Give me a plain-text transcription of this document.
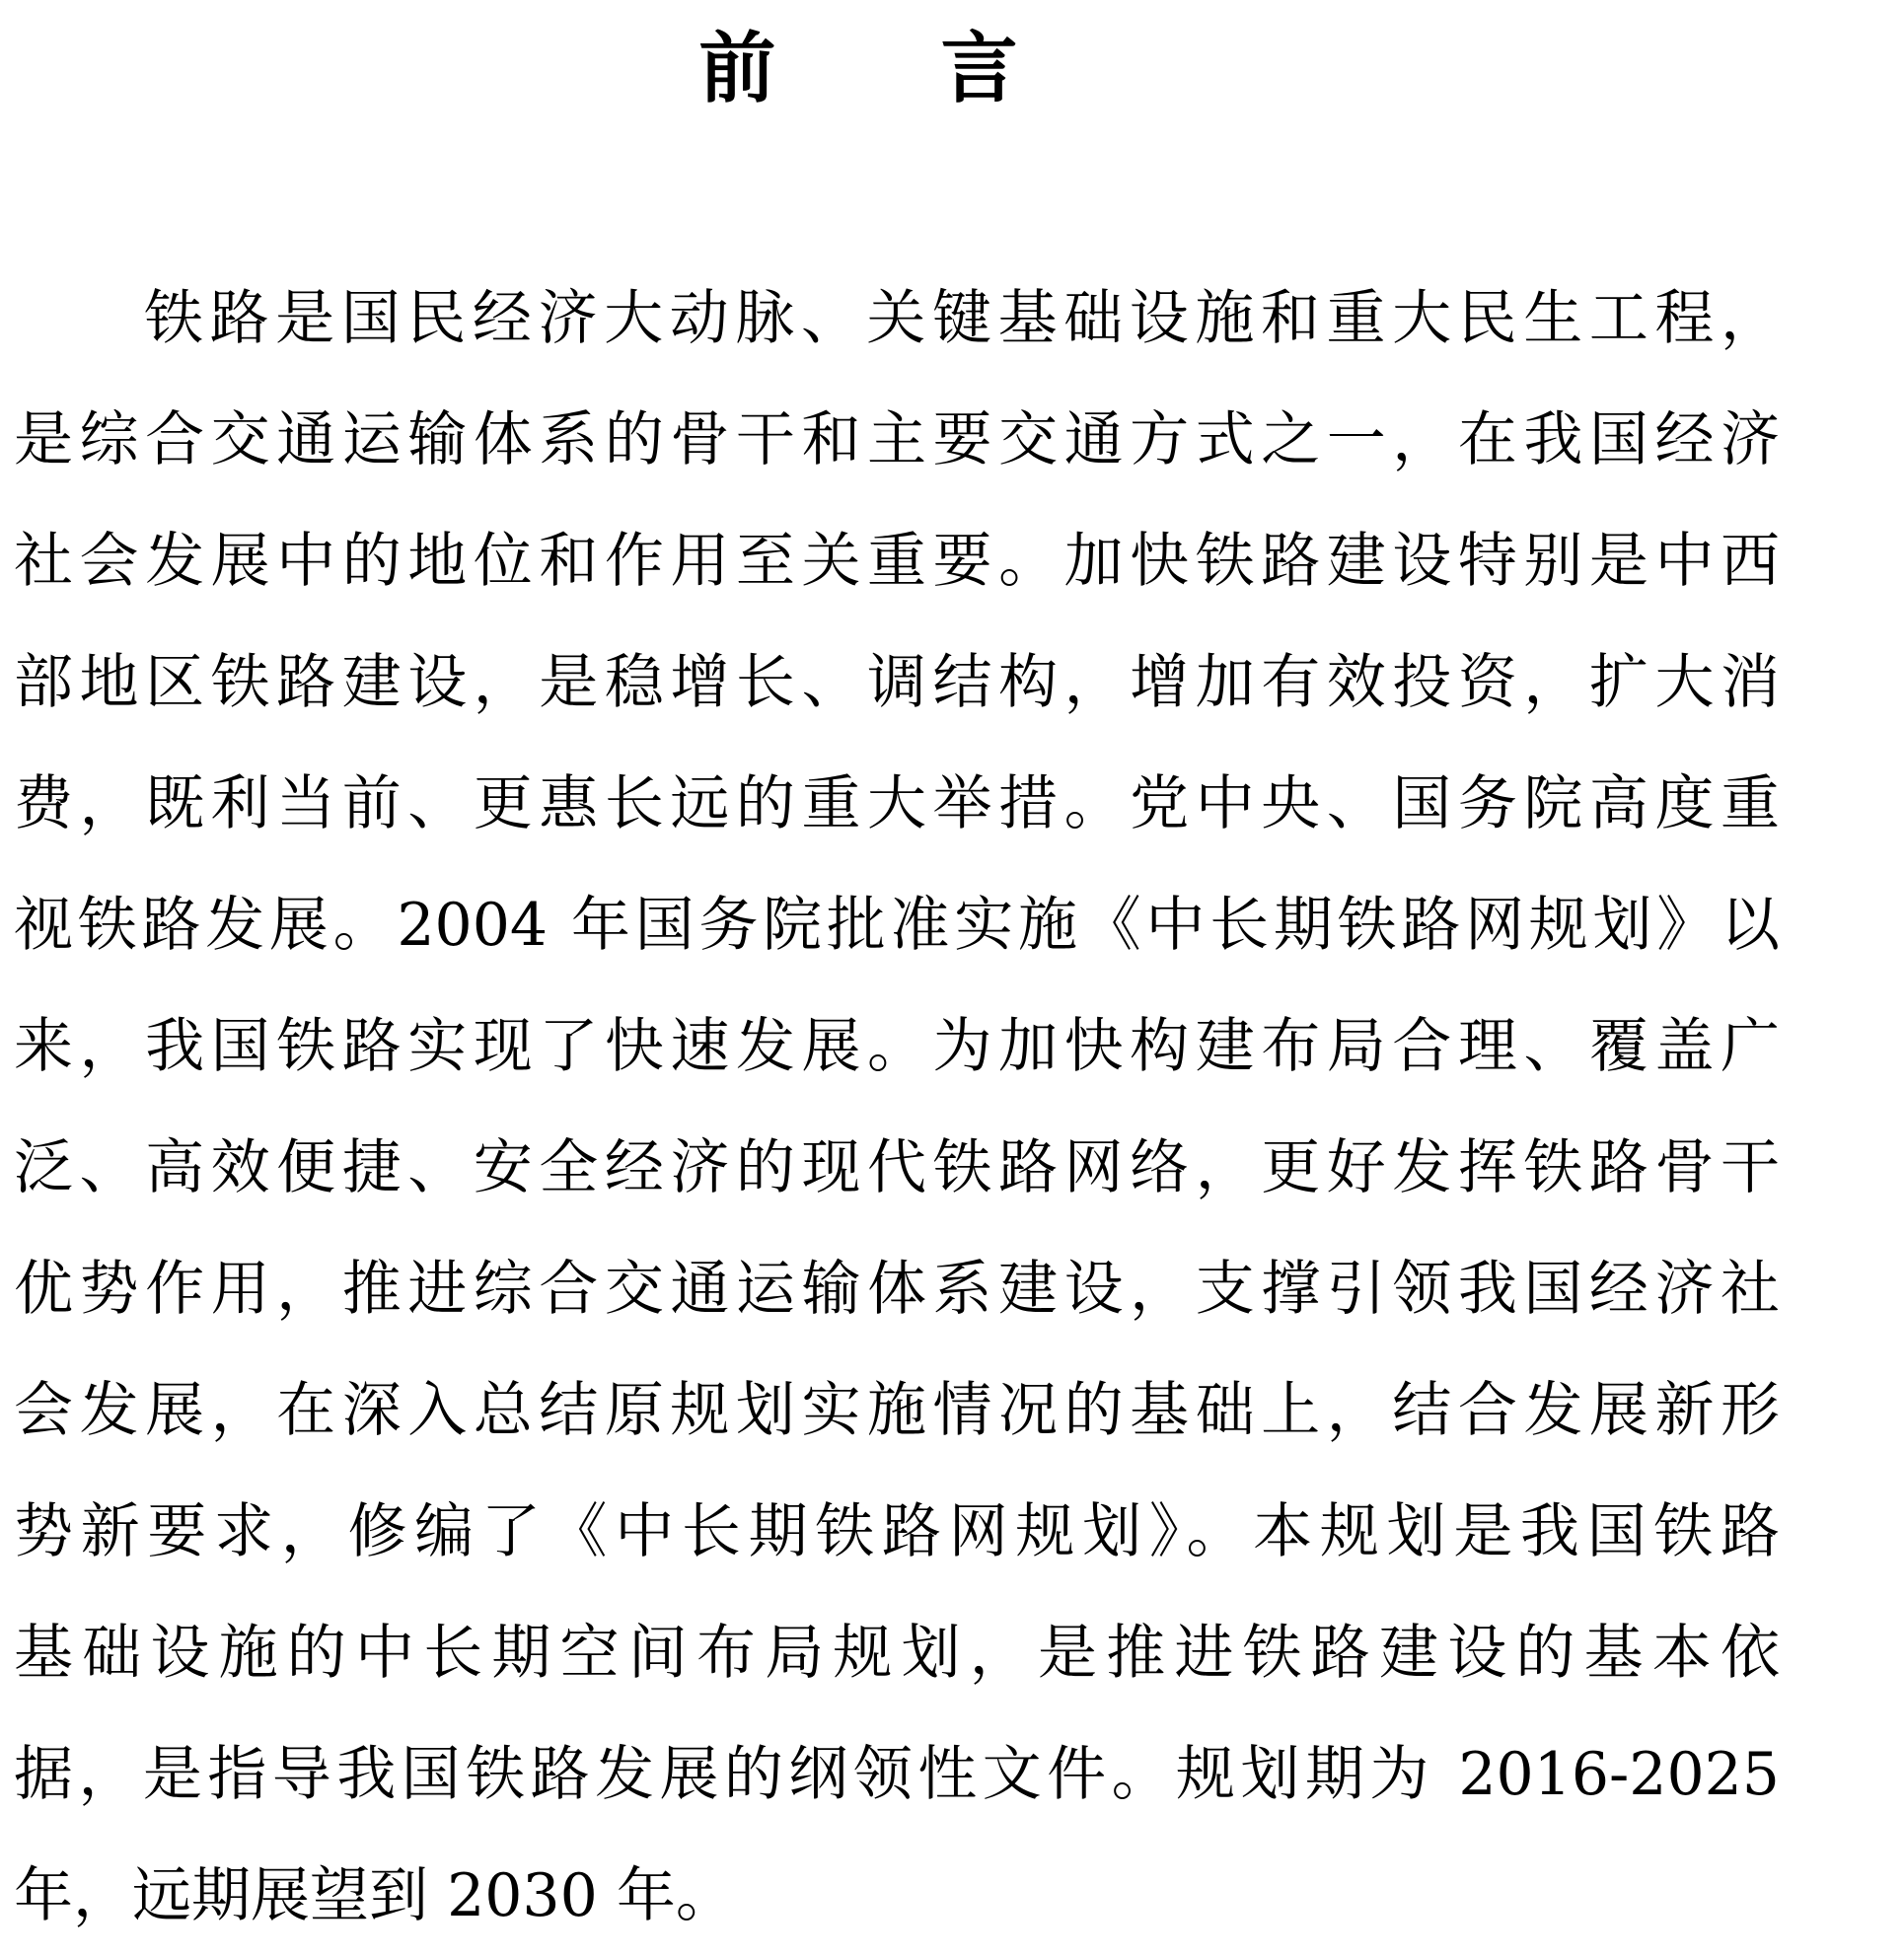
前 言
铁路是国民经济大动脉、关键基础设施和重大民生工程，
是综合交通运输体系的骨干和主要交通方式之一，在我国经济
社会发展中的地位和作用至关重要。加快铁路建设特别是中西
部地区铁路建设，是稳增长、调结构，增加有效投资，扩大消
费，既利当前、更惠长远的重大举措。党中央、国务院高度重
视铁路发展。2004 年国务院批准实施《中长期铁路网规划》以
来，我国铁路实现了快速发展。为加快构建布局合理、覆盖广
泛、高效便捷、安全经济的现代铁路网络，更好发挥铁路骨干
优势作用，推进综合交通运输体系建设，支撑引领我国经济社
会发展，在深入总结原规划实施情况的基础上，结合发展新形
势新要求，修编了《中长期铁路网规划》。本规划是我国铁路
基础设施的中长期空间布局规划，是推进铁路建设的基本依
据，是指导我国铁路发展的纲领性文件。规划期为 2016-2025
年，远期展望到 2030 年。
